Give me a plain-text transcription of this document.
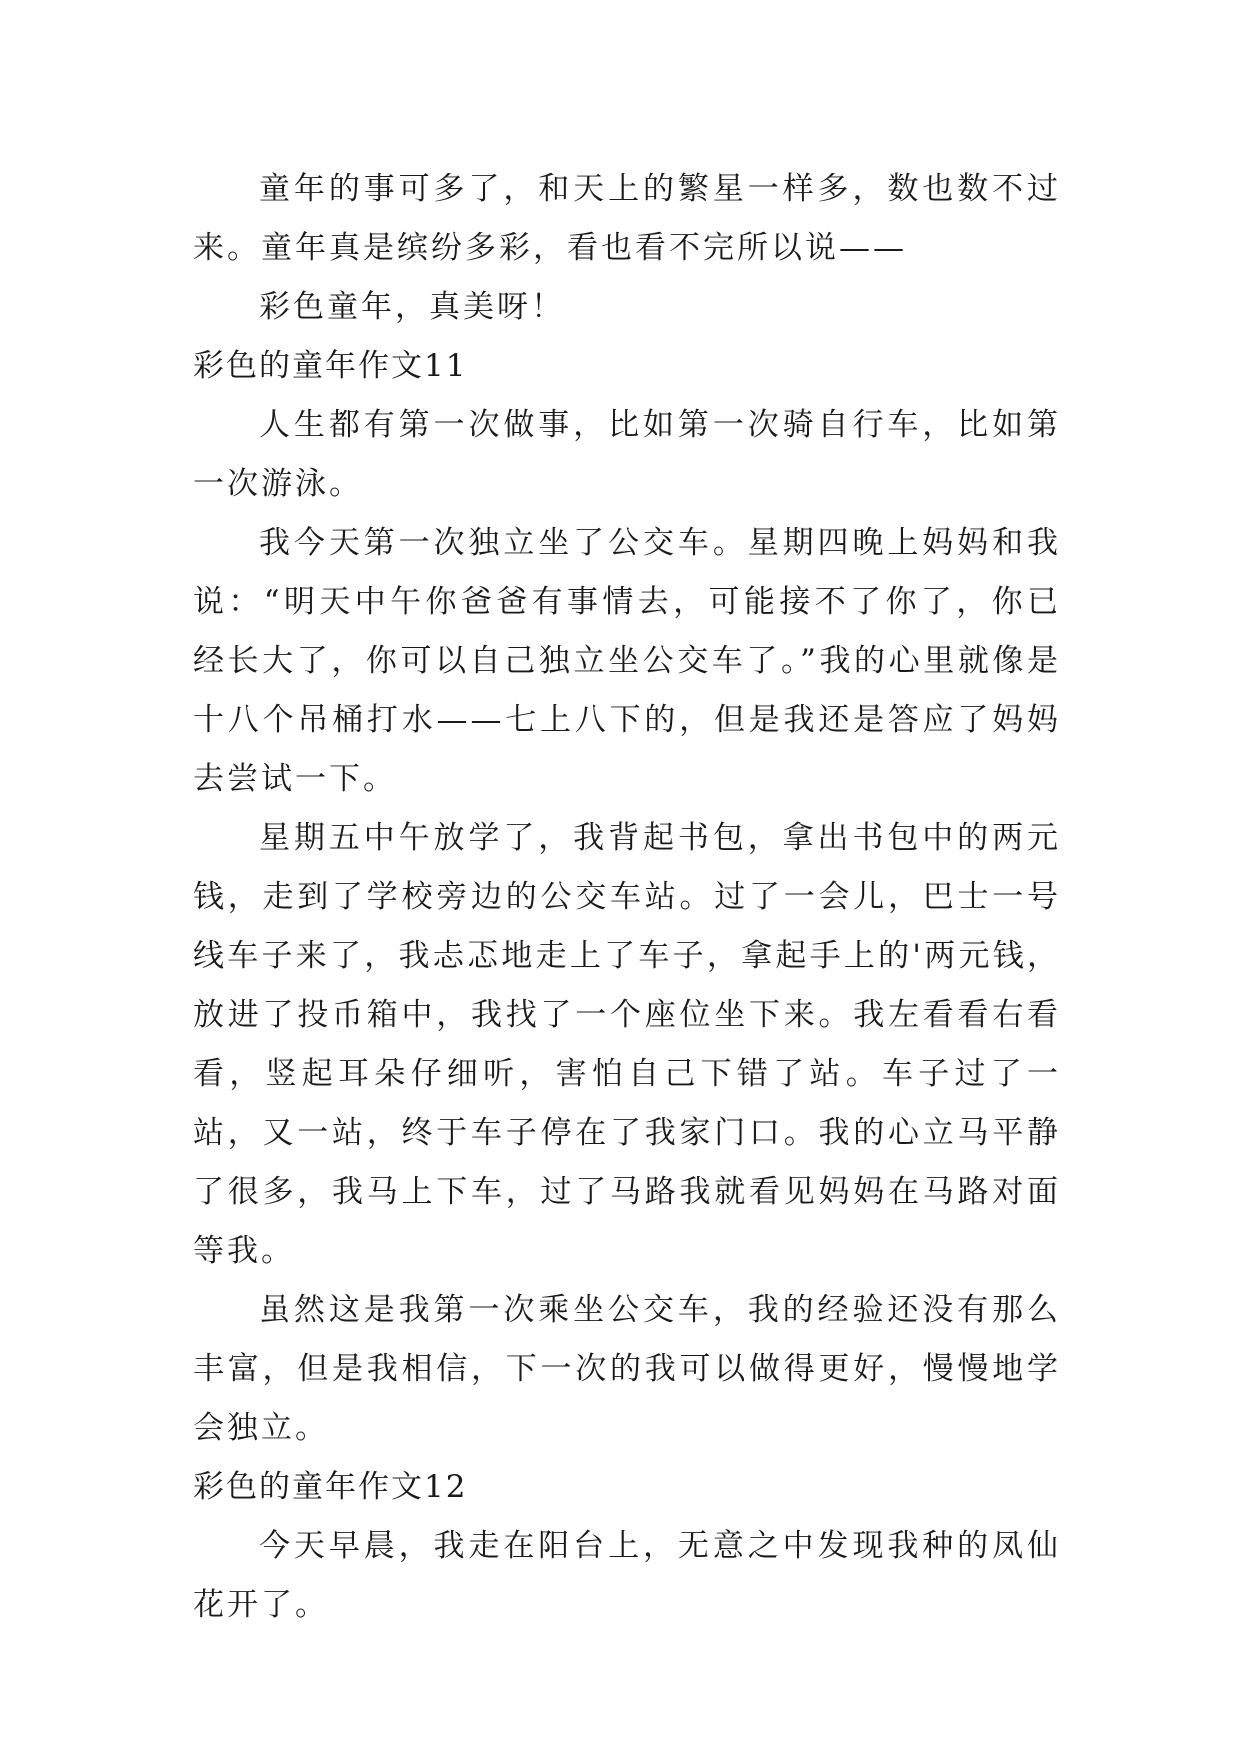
童年的事可多了，和天上的繁星一样多，数也数不过来。童年真是缤纷多彩，看也看不完所以说——

彩色童年，真美呀！

彩色的童年作文11

人生都有第一次做事，比如第一次骑自行车，比如第一次游泳。

我今天第一次独立坐了公交车。星期四晚上妈妈和我说：“明天中午你爸爸有事情去，可能接不了你了，你已经长大了，你可以自己独立坐公交车了。”我的心里就像是十八个吊桶打水——七上八下的，但是我还是答应了妈妈去尝试一下。

星期五中午放学了，我背起书包，拿出书包中的两元钱，走到了学校旁边的公交车站。过了一会儿，巴士一号线车子来了，我忐忑地走上了车子，拿起手上的'两元钱，放进了投币箱中，我找了一个座位坐下来。我左看看右看看，竖起耳朵仔细听，害怕自己下错了站。车子过了一站，又一站，终于车子停在了我家门口。我的心立马平静了很多，我马上下车，过了马路我就看见妈妈在马路对面等我。

虽然这是我第一次乘坐公交车，我的经验还没有那么丰富，但是我相信，下一次的我可以做得更好，慢慢地学会独立。

彩色的童年作文12

今天早晨，我走在阳台上，无意之中发现我种的凤仙花开了。
